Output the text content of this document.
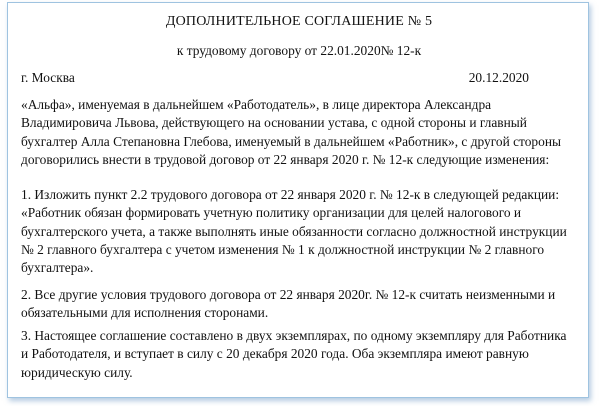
ДОПОЛНИТЕЛЬНОЕ СОГЛАШЕНИЕ № 5
к трудовому договору от 22.01.2020№ 12-к
г. Москва	20.12.2020
«Альфа», именуемая в дальнейшем «Работодатель», в лице директора Александра Владимировича Львова, действующего на основании устава, с одной стороны и главный бухгалтер Алла Степановна Глебова, именуемый в дальнейшем «Работник», с другой стороны договорились внести в трудовой договор от 22 января 2020 г. № 12-к следующие изменения:
1. Изложить пункт 2.2 трудового договора от 22 января 2020 г. № 12-к в следующей редакции: «Работник обязан формировать учетную политику организации для целей налогового и бухгалтерского учета, а также выполнять иные обязанности согласно должностной инструкции № 2 главного бухгалтера с учетом изменения № 1 к должностной инструкции № 2 главного бухгалтера».
2. Все другие условия трудового договора от 22 января 2020г. № 12-к считать неизменными и обязательными для исполнения сторонами.
3. Настоящее соглашение составлено в двух экземплярах, по одному экземпляру для Работника и Работодателя, и вступает в силу с 20 декабря 2020 года. Оба экземпляра имеют равную юридическую силу.
